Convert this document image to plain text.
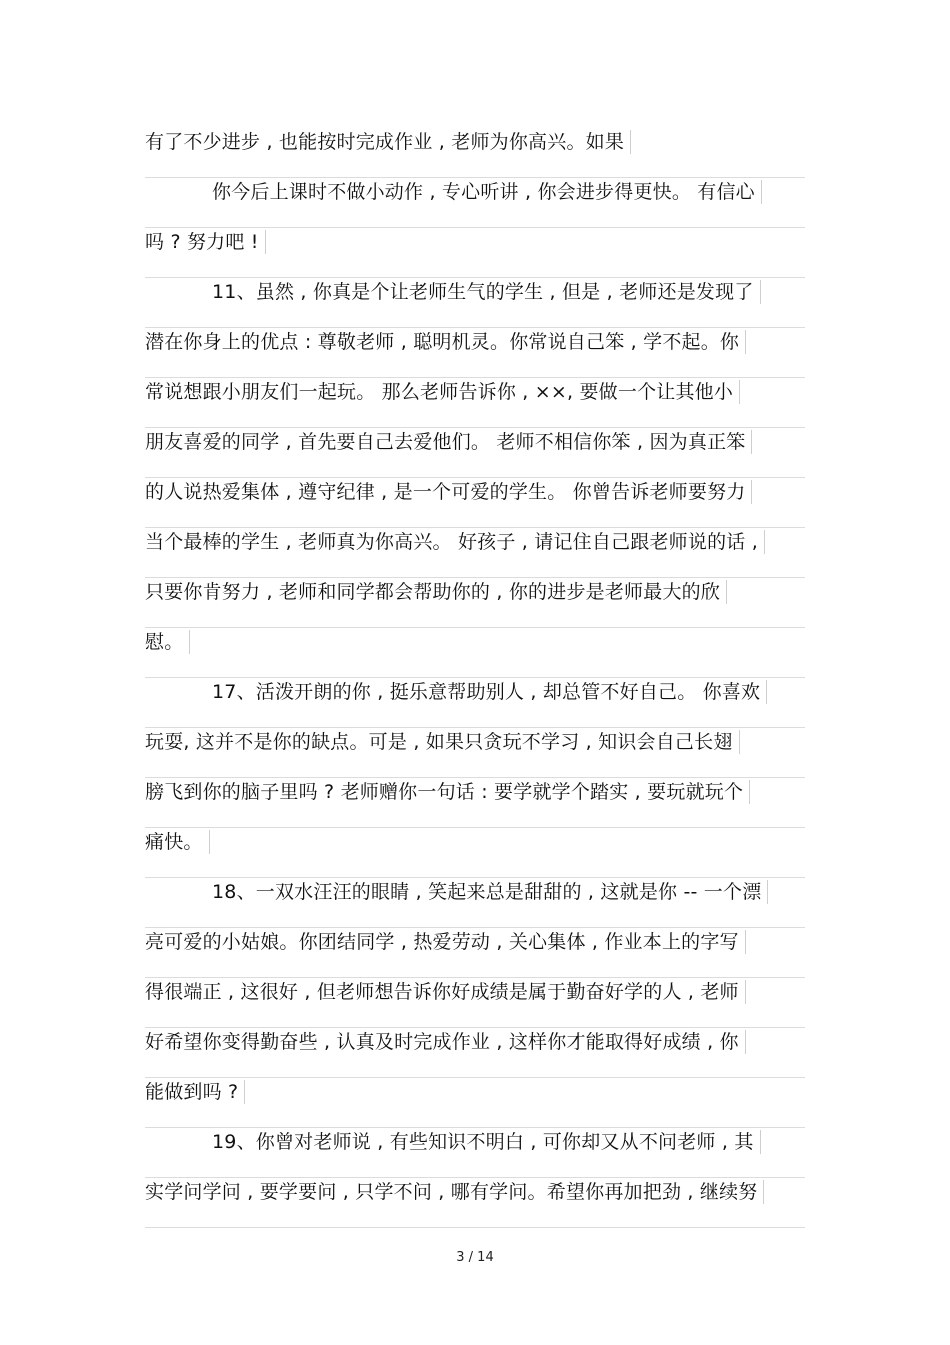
有了不少进步 , 也能按时完成作业 , 老师为你高兴。如果
你今后上课时不做小动作 , 专心听讲 , 你会进步得更快。 有信心
吗 ? 努力吧 !
11、虽然 , 你真是个让老师生气的学生 , 但是 , 老师还是发现了
潜在你身上的优点 : 尊敬老师 , 聪明机灵。你常说自己笨 , 学不起。你
常说想跟小朋友们一起玩。 那么老师告诉你 , ××, 要做一个让其他小
朋友喜爱的同学 , 首先要自己去爱他们。 老师不相信你笨 , 因为真正笨
的人说热爱集体 , 遵守纪律 , 是一个可爱的学生。 你曾告诉老师要努力
当个最棒的学生 , 老师真为你高兴。 好孩子 , 请记住自己跟老师说的话 ,
只要你肯努力 , 老师和同学都会帮助你的 , 你的进步是老师最大的欣
慰。
17、活泼开朗的你 , 挺乐意帮助别人 , 却总管不好自己。 你喜欢
玩耍, 这并不是你的缺点。可是 , 如果只贪玩不学习 , 知识会自己长翅
膀飞到你的脑子里吗 ? 老师赠你一句话 : 要学就学个踏实 , 要玩就玩个
痛快。
18、一双水汪汪的眼睛 , 笑起来总是甜甜的 , 这就是你 -- 一个漂
亮可爱的小姑娘。你团结同学 , 热爱劳动 , 关心集体 , 作业本上的字写
得很端正 , 这很好 , 但老师想告诉你好成绩是属于勤奋好学的人 , 老师
好希望你变得勤奋些 , 认真及时完成作业 , 这样你才能取得好成绩 , 你
能做到吗 ?
19、你曾对老师说 , 有些知识不明白 , 可你却又从不问老师 , 其
实学问学问 , 要学要问 , 只学不问 , 哪有学问。希望你再加把劲 , 继续努
3 / 14
